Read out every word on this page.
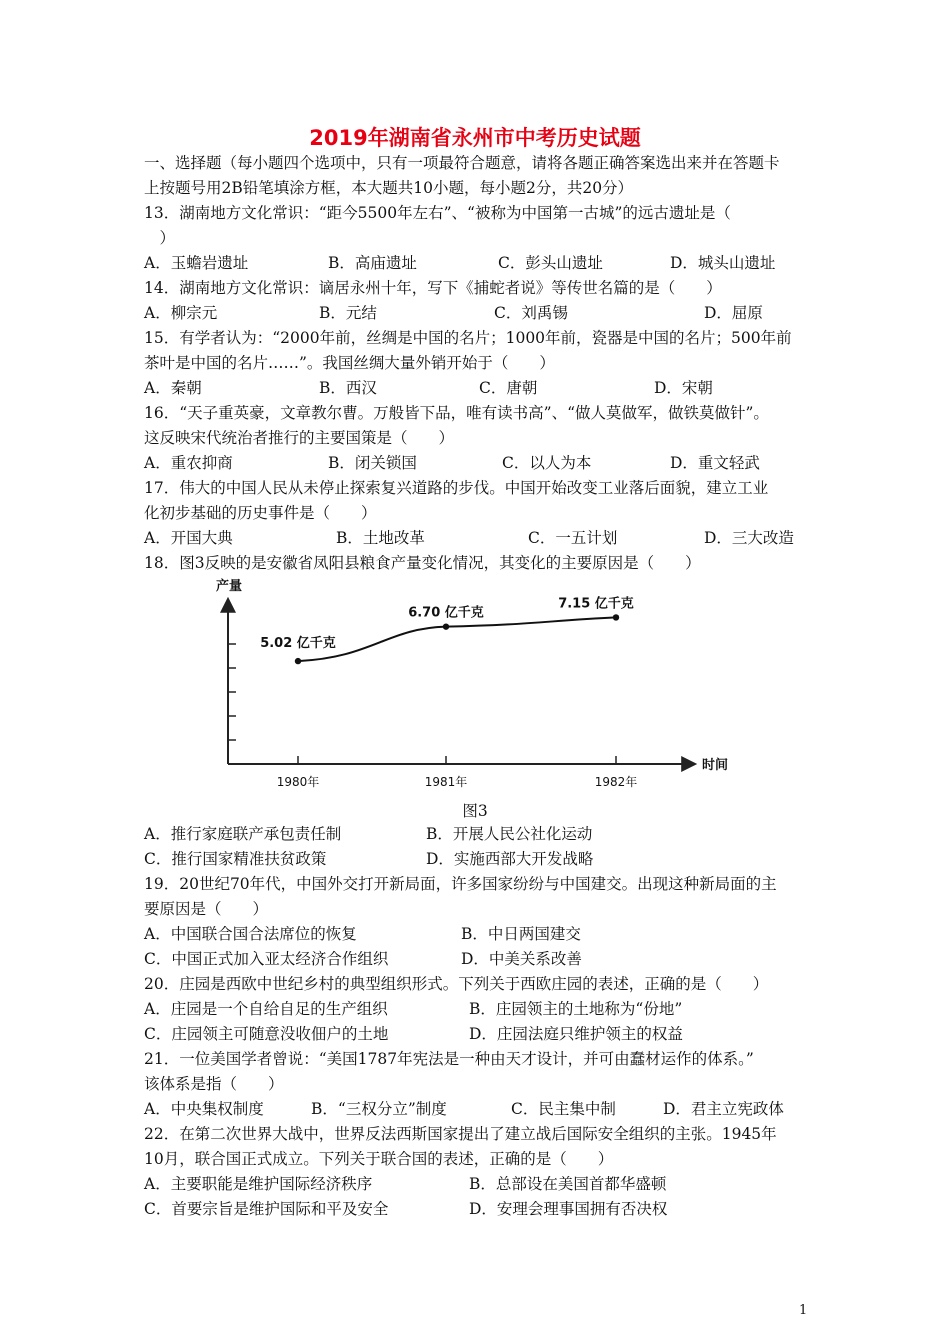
2019年湖南省永州市中考历史试题
一、选择题（每小题四个选项中，只有一项最符合题意，请将各题正确答案选出来并在答题卡
上按题号用2B铅笔填涂方框，本大题共10小题，每小题2分，共20分）
13．湖南地方文化常识：“距今5500年左右”、“被称为中国第一古城”的远古遗址是（
　）
A．玉蟾岩遗址	B．高庙遗址	C．彭头山遗址	D．城头山遗址
14．湖南地方文化常识：谪居永州十年，写下《捕蛇者说》等传世名篇的是（　　）
A．柳宗元	B．元结	C．刘禹锡	D．屈原
15．有学者认为：“2000年前，丝绸是中国的名片；1000年前，瓷器是中国的名片；500年前
茶叶是中国的名片……”。我国丝绸大量外销开始于（　　）
A．秦朝	B．西汉	C．唐朝	D．宋朝
16．“天子重英豪，文章教尔曹。万般皆下品，唯有读书高”、“做人莫做军，做铁莫做针”。
这反映宋代统治者推行的主要国策是（　　）
A．重农抑商	B．闭关锁国	C．以人为本	D．重文轻武
17．伟大的中国人民从未停止探索复兴道路的步伐。中国开始改变工业落后面貌，建立工业
化初步基础的历史事件是（　　）
A．开国大典	B．土地改革	C．一五计划	D．三大改造
18．图3反映的是安徽省凤阳县粮食产量变化情况，其变化的主要原因是（　　）
产量
时间
1980年	1981年	1982年
5.02 亿千克
6.70 亿千克
7.15 亿千克
图3
A．推行家庭联产承包责任制	B．开展人民公社化运动
C．推行国家精准扶贫政策	D．实施西部大开发战略
19．20世纪70年代，中国外交打开新局面，许多国家纷纷与中国建交。出现这种新局面的主
要原因是（　　）
A．中国联合国合法席位的恢复	B．中日两国建交
C．中国正式加入亚太经济合作组织	D．中美关系改善
20．庄园是西欧中世纪乡村的典型组织形式。下列关于西欧庄园的表述，正确的是（　　）
A．庄园是一个自给自足的生产组织	B．庄园领主的土地称为“份地”
C．庄园领主可随意没收佃户的土地	D．庄园法庭只维护领主的权益
21．一位美国学者曾说：“美国1787年宪法是一种由天才设计，并可由蠢材运作的体系。”
该体系是指（　　）
A．中央集权制度	B．“三权分立”制度	C．民主集中制	D．君主立宪政体
22．在第二次世界大战中，世界反法西斯国家提出了建立战后国际安全组织的主张。1945年
10月，联合国正式成立。下列关于联合国的表述，正确的是（　　）
A．主要职能是维护国际经济秩序	B．总部设在美国首都华盛顿
C．首要宗旨是维护国际和平及安全	D．安理会理事国拥有否决权
1
